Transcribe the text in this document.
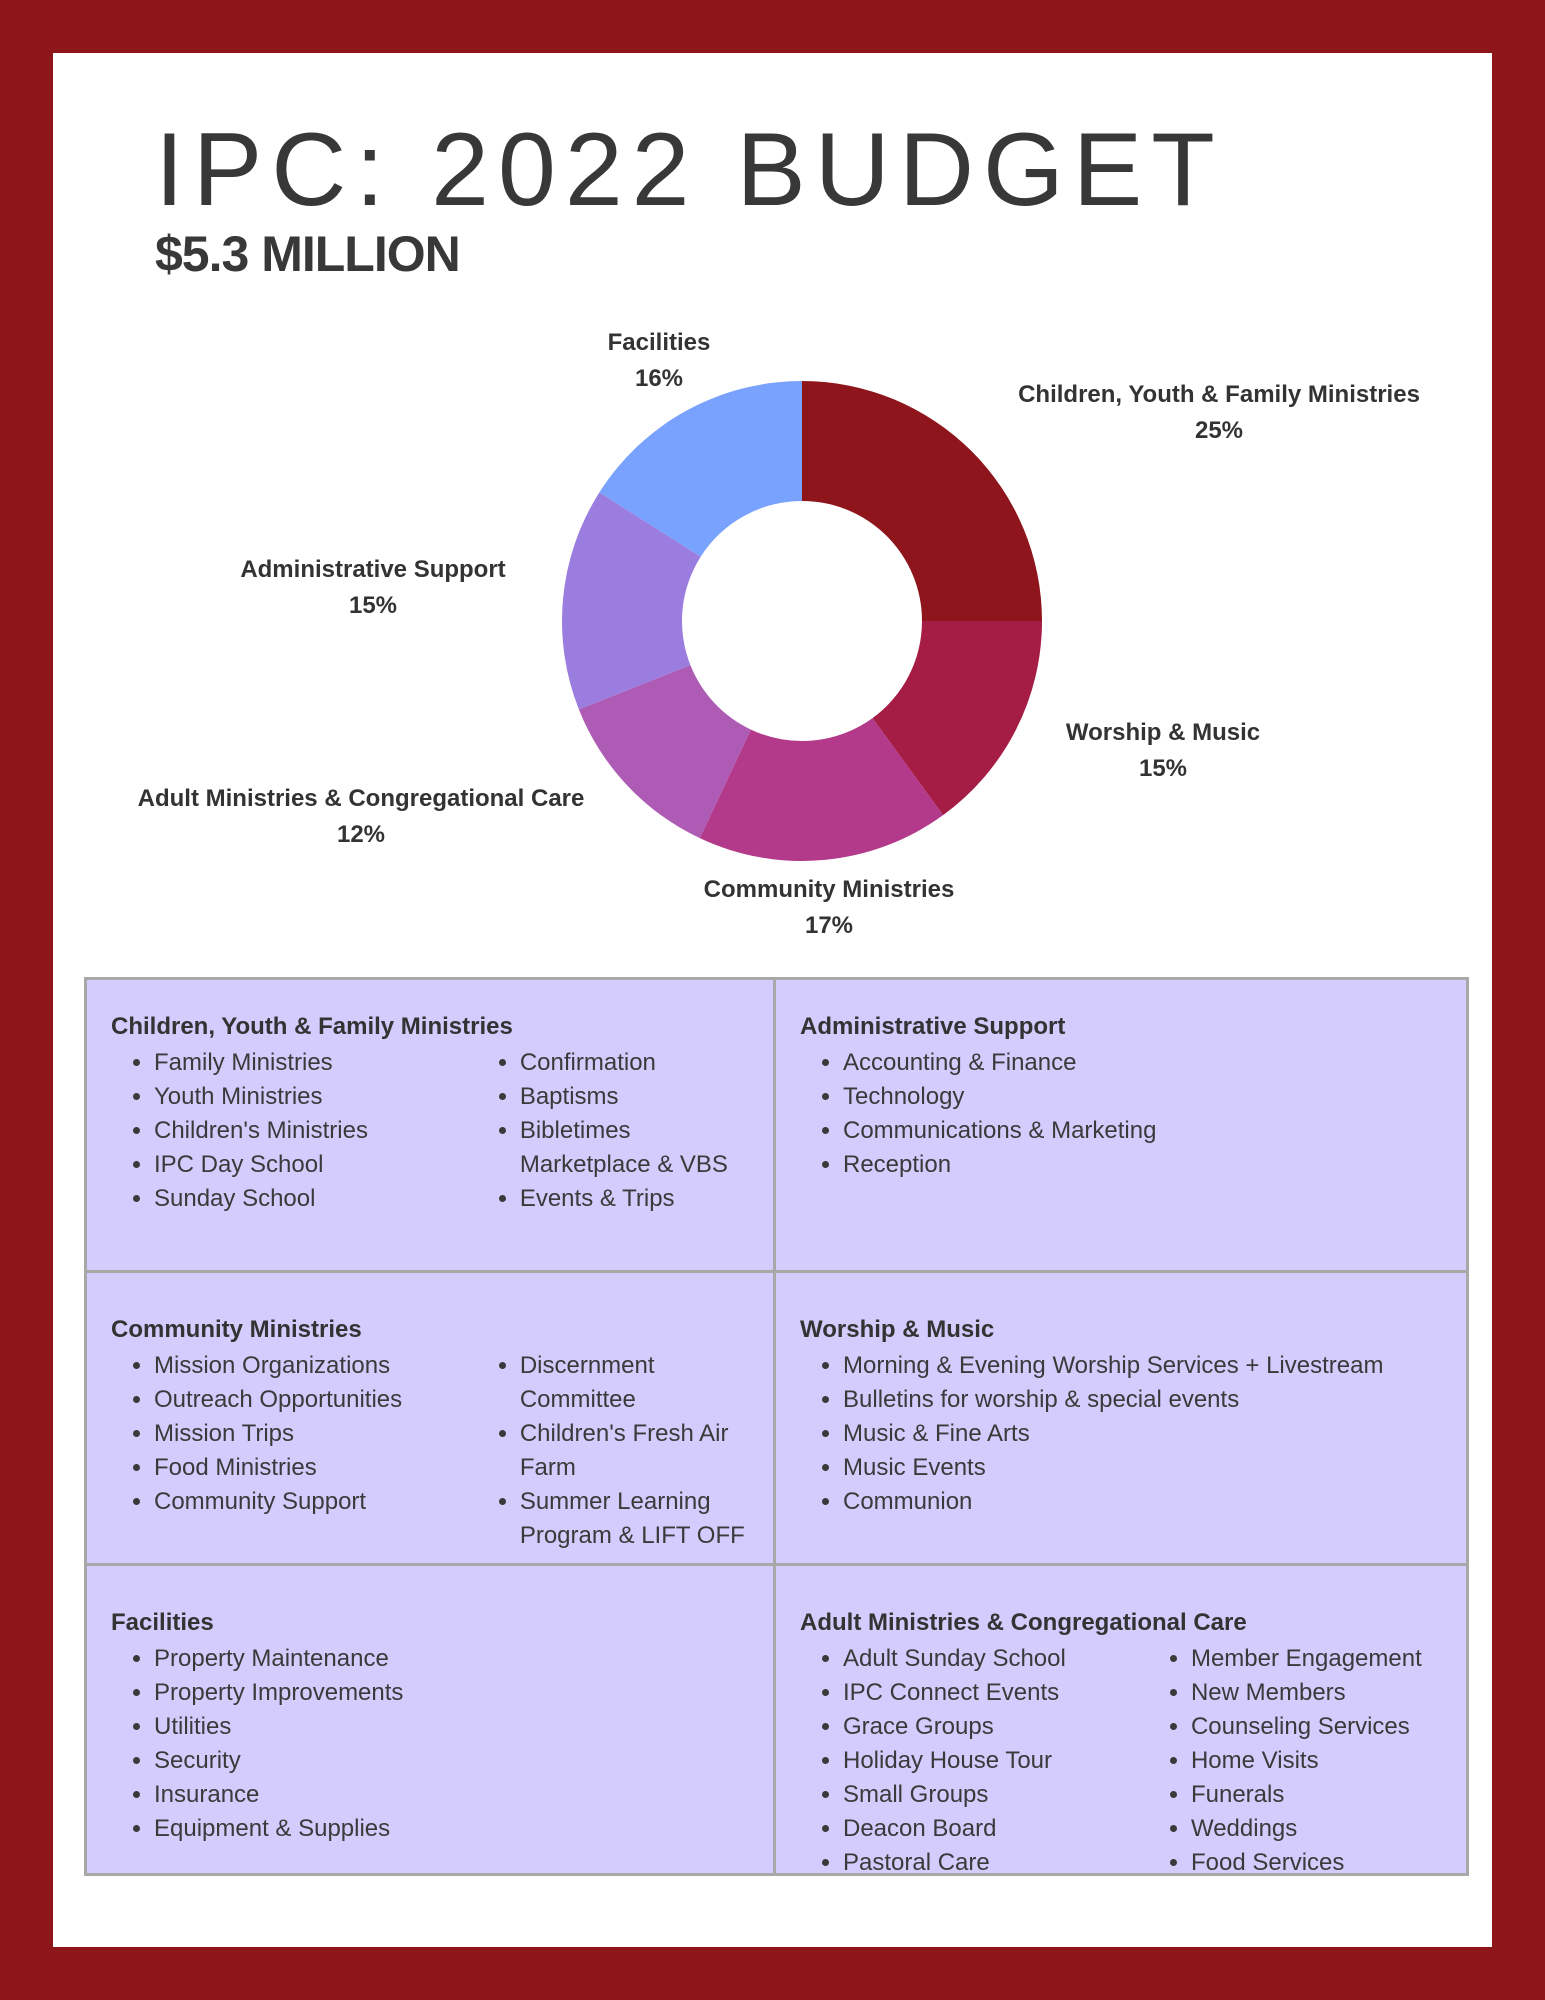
IPC: 2022 BUDGET
$5.3 MILLION
Children, Youth & Family Ministries
25%
Worship & Music
15%
Community Ministries
17%
Adult Ministries & Congregational Care
12%
Administrative Support
15%
Facilities
16%
Children, Youth & Family Ministries
• Family Ministries
• Youth Ministries
• Children's Ministries
• IPC Day School
• Sunday School
• Confirmation
• Baptisms
• Bibletimes Marketplace & VBS
• Events & Trips
Administrative Support
• Accounting & Finance
• Technology
• Communications & Marketing
• Reception
Community Ministries
• Mission Organizations
• Outreach Opportunities
• Mission Trips
• Food Ministries
• Community Support
• Discernment Committee
• Children's Fresh Air Farm
• Summer Learning Program & LIFT OFF
Worship & Music
• Morning & Evening Worship Services + Livestream
• Bulletins for worship & special events
• Music & Fine Arts
• Music Events
• Communion
Facilities
• Property Maintenance
• Property Improvements
• Utilities
• Security
• Insurance
• Equipment & Supplies
Adult Ministries & Congregational Care
• Adult Sunday School
• IPC Connect Events
• Grace Groups
• Holiday House Tour
• Small Groups
• Deacon Board
• Pastoral Care
• Member Engagement
• New Members
• Counseling Services
• Home Visits
• Funerals
• Weddings
• Food Services
